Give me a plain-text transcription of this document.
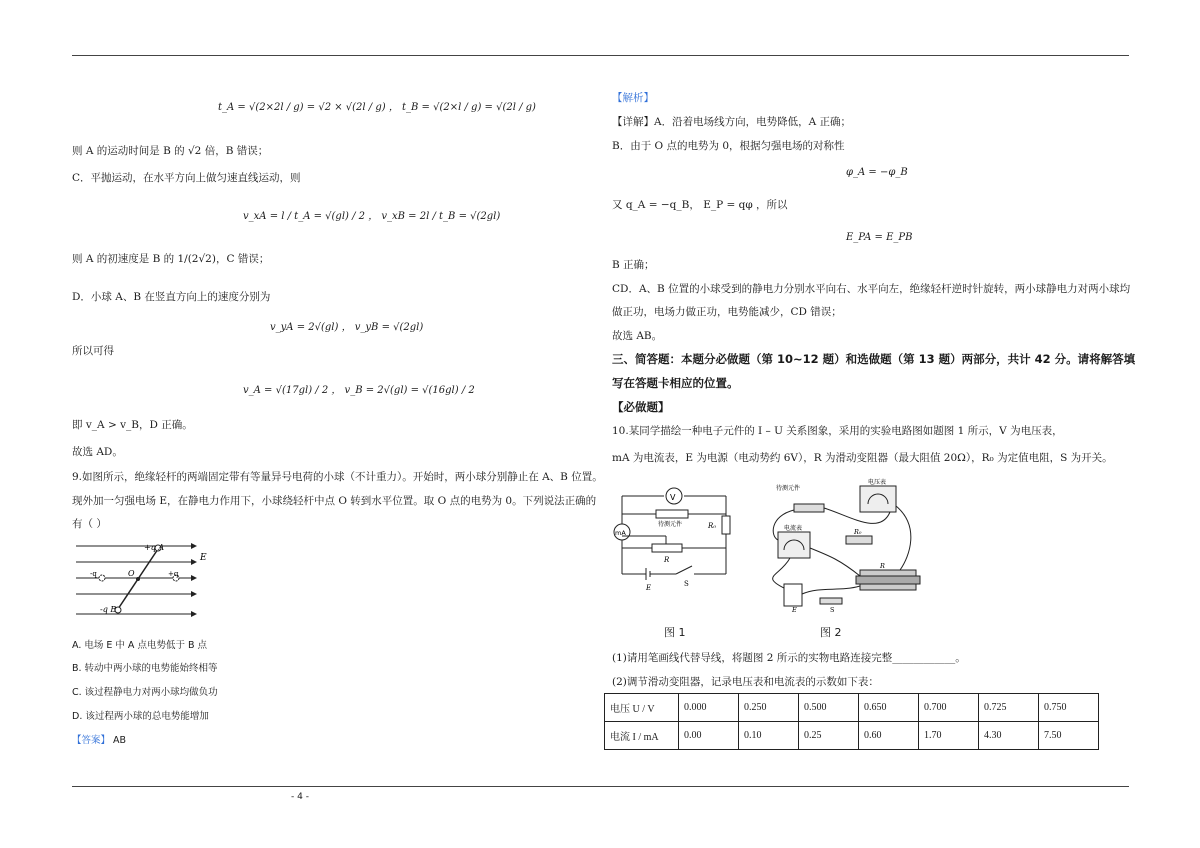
t_A = √(2×2l / g) = √2 × √(2l / g) ， t_B = √(2×l / g) = √(2l / g)
则 A 的运动时间是 B 的 √2 倍，B 错误；
C．平抛运动，在水平方向上做匀速直线运动，则
v_xA = l / t_A = √(gl) / 2 ， v_xB = 2l / t_B = √(2gl)
则 A 的初速度是 B 的 1/(2√2)，C 错误；
D．小球 A、B 在竖直方向上的速度分别为
v_yA = 2√(gl) ， v_yB = √(2gl)
所以可得
v_A = √(17gl) / 2 ， v_B = 2√(gl) = √(16gl) / 2
即 v_A > v_B，D 正确。
故选 AD。
9.如图所示，绝缘轻杆的两端固定带有等量异号电荷的小球（不计重力）。开始时，两小球分别静止在 A、B 位置。
现外加一匀强电场 E，在静电力作用下，小球绕轻杆中点 O 转到水平位置。取 O 点的电势为 0。下列说法正确的
有（ ）
+q A
E
O
-q	+q
-q B
A. 电场 E 中 A 点电势低于 B 点
B. 转动中两小球的电势能始终相等
C. 该过程静电力对两小球均做负功
D. 该过程两小球的总电势能增加
【答案】 AB
【解析】
【详解】A．沿着电场线方向，电势降低，A 正确；
B．由于 O 点的电势为 0，根据匀强电场的对称性
φ_A = −φ_B
又 q_A = −q_B， E_P = qφ ，所以
E_PA = E_PB
B 正确；
CD．A、B 位置的小球受到的静电力分别水平向右、水平向左，绝缘轻杆逆时针旋转，两小球静电力对两小球均
做正功，电场力做正功，电势能减少，CD 错误；
故选 AB。
三、简答题：本题分必做题（第 10~12 题）和选做题（第 13 题）两部分，共计 42 分。请将解答填
写在答题卡相应的位置。
【必做题】
10.某同学描绘一种电子元件的 I – U 关系图象，采用的实验电路图如题图 1 所示，V 为电压表，
mA 为电流表，E 为电源（电动势约 6V），R 为滑动变阻器（最大阻值 20Ω），R₀ 为定值电阻，S 为开关。
V
mA
待测元件	R₀
R
E	S
待测元件
电压表
电流表	R₀
R
E	S
图 1	图 2
(1)请用笔画线代替导线，将题图 2 所示的实物电路连接完整____________。
(2)调节滑动变阻器，记录电压表和电流表的示数如下表：
电压 U / V	0.000	0.250	0.500	0.650	0.700	0.725	0.750
电流 I / mA	0.00	0.10	0.25	0.60	1.70	4.30	7.50
- 4 -
